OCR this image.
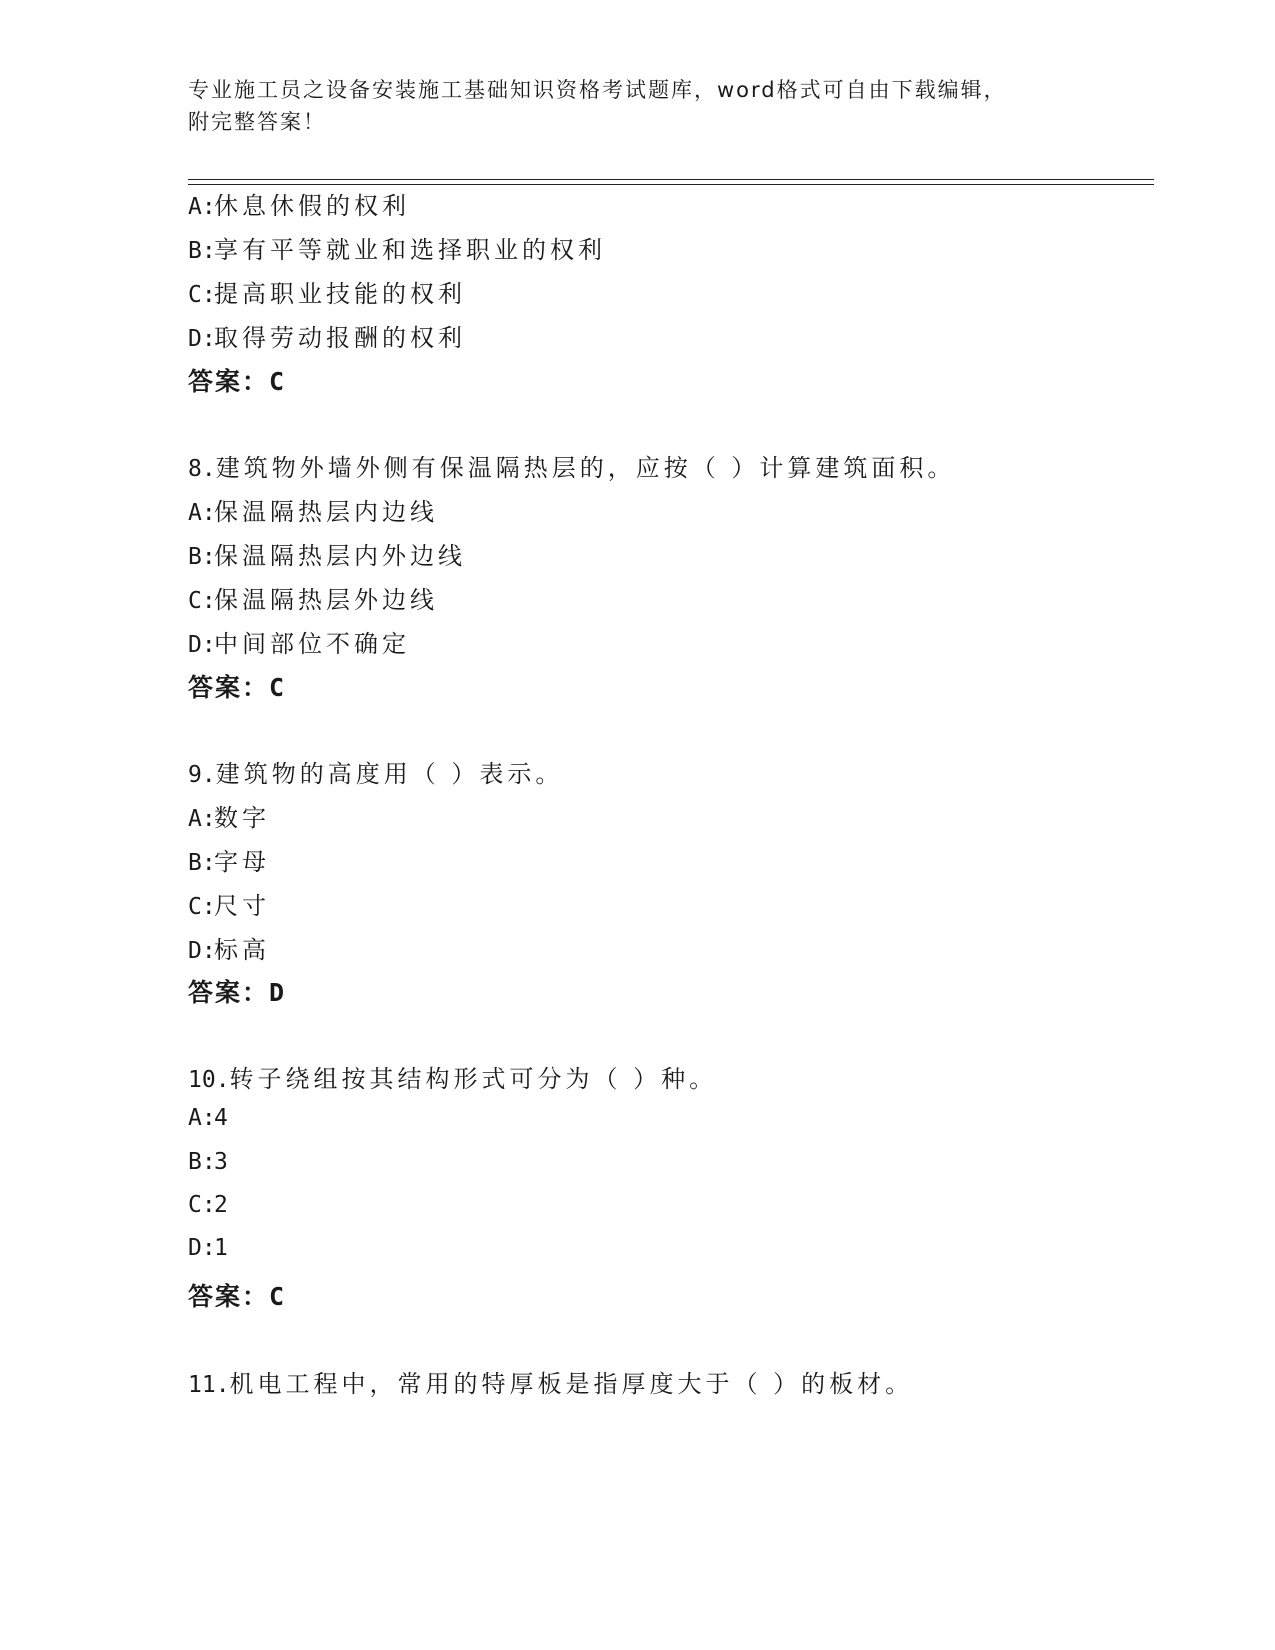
专业施工员之设备安装施工基础知识资格考试题库，word格式可自由下载编辑，
附完整答案！
A:休息休假的权利
B:享有平等就业和选择职业的权利
C:提高职业技能的权利
D:取得劳动报酬的权利
答案：C
8.建筑物外墙外侧有保温隔热层的，应按（ ）计算建筑面积。
A:保温隔热层内边线
B:保温隔热层内外边线
C:保温隔热层外边线
D:中间部位不确定
答案：C
9.建筑物的高度用（ ）表示。
A:数字
B:字母
C:尺寸
D:标高
答案：D
10.转子绕组按其结构形式可分为（ ）种。
A:4
B:3
C:2
D:1
答案：C
11.机电工程中，常用的特厚板是指厚度大于（ ）的板材。
